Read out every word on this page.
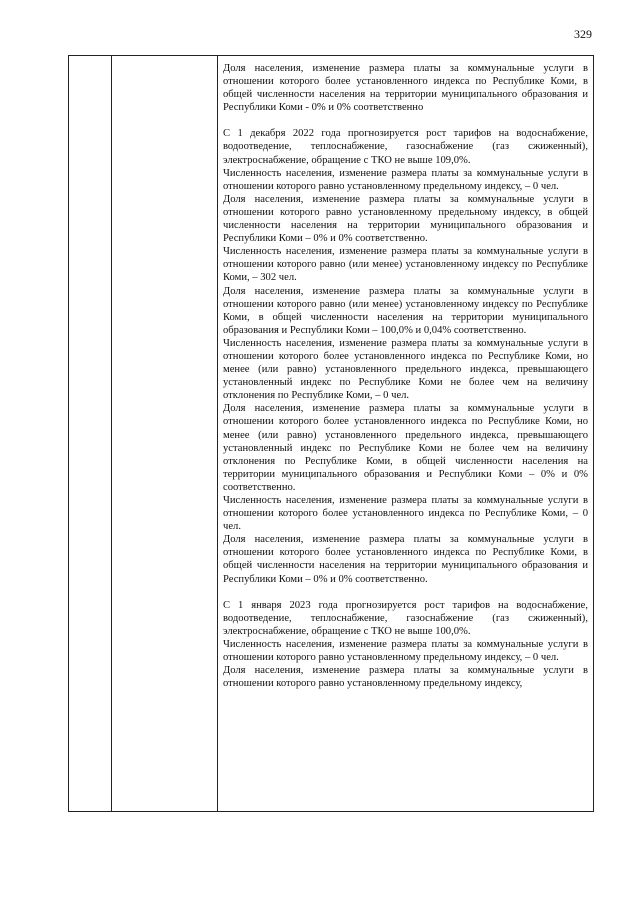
329

Доля населения, изменение размера платы за коммунальные услуги в отношении которого более установленного индекса по Республике Коми, в общей численности населения на территории муниципального образования и Республики Коми - 0% и 0% соответственно

С 1 декабря 2022 года прогнозируется рост тарифов на водоснабжение, водоотведение, теплоснабжение, газоснабжение (газ сжиженный), электроснабжение, обращение с ТКО не выше 109,0%.

Численность населения, изменение размера платы за коммунальные услуги в отношении которого равно установленному предельному индексу, – 0 чел.

Доля населения, изменение размера платы за коммунальные услуги в отношении которого равно установленному предельному индексу, в общей численности населения на территории муниципального образования и Республики Коми – 0% и 0% соответственно.

Численность населения, изменение размера платы за коммунальные услуги в отношении которого равно (или менее) установленному индексу по Республике Коми, – 302 чел.

Доля населения, изменение размера платы за коммунальные услуги в отношении которого равно (или менее) установленному индексу по Республике Коми, в общей численности населения на территории муниципального образования и Республики Коми – 100,0% и 0,04% соответственно.

Численность населения, изменение размера платы за коммунальные услуги в отношении которого более установленного индекса по Республике Коми, но менее (или равно) установленного предельного индекса, превышающего установленный индекс по Республике Коми не более чем на величину отклонения по Республике Коми, – 0 чел.

Доля населения, изменение размера платы за коммунальные услуги в отношении которого более установленного индекса по Республике Коми, но менее (или равно) установленного предельного индекса, превышающего установленный индекс по Республике Коми не более чем на величину отклонения по Республике Коми, в общей численности населения на территории муниципального образования и Республики Коми – 0% и 0% соответственно.

Численность населения, изменение размера платы за коммунальные услуги в отношении которого более установленного индекса по Республике Коми, – 0 чел.

Доля населения, изменение размера платы за коммунальные услуги в отношении которого более установленного индекса по Республике Коми, в общей численности населения на территории муниципального образования и Республики Коми – 0% и 0% соответственно.

С 1 января 2023 года прогнозируется рост тарифов на водоснабжение, водоотведение, теплоснабжение, газоснабжение (газ сжиженный), электроснабжение, обращение с ТКО не выше 100,0%.

Численность населения, изменение размера платы за коммунальные услуги в отношении которого равно установленному предельному индексу, – 0 чел.

Доля населения, изменение размера платы за коммунальные услуги в отношении которого равно установленному предельному индексу,
